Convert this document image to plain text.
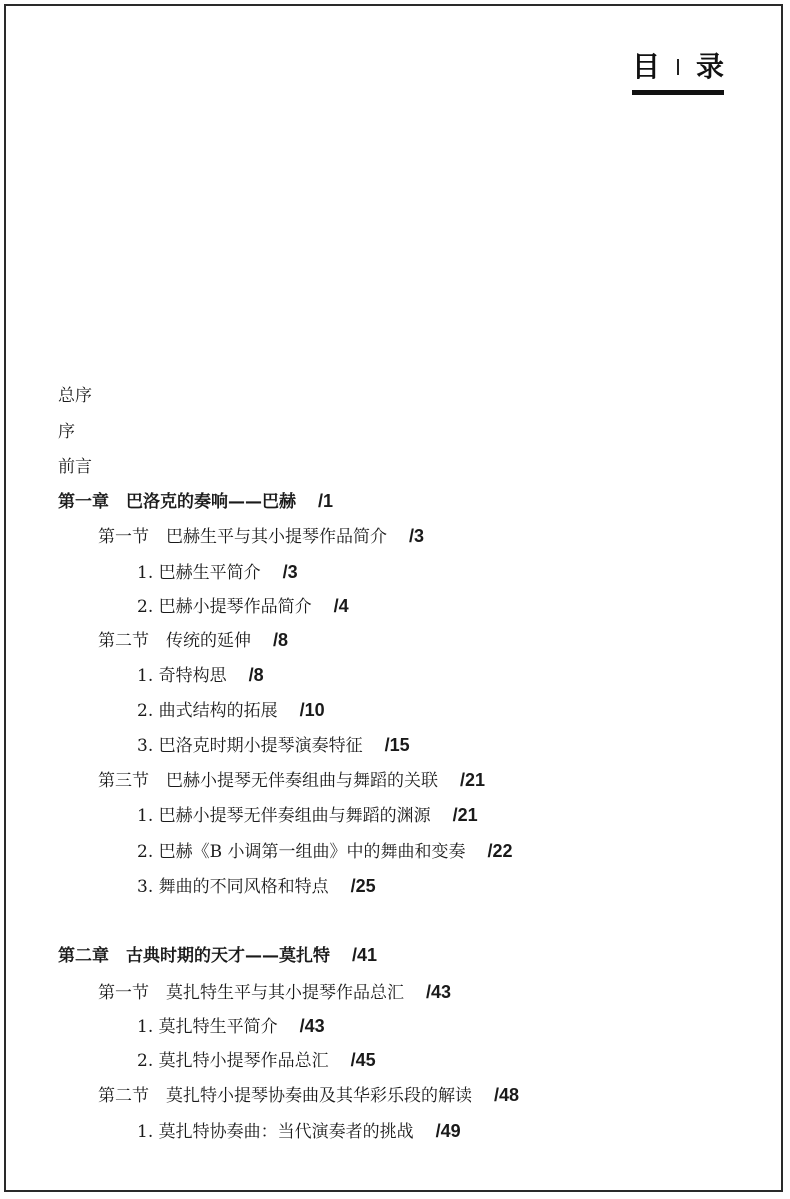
目 录
总序
序
前言
第一章　巴洛克的奏响——巴赫 /1
第一节　巴赫生平与其小提琴作品简介 /3
1. 巴赫生平简介 /3
2. 巴赫小提琴作品简介 /4
第二节　传统的延伸 /8
1. 奇特构思 /8
2. 曲式结构的拓展 /10
3. 巴洛克时期小提琴演奏特征 /15
第三节　巴赫小提琴无伴奏组曲与舞蹈的关联 /21
1. 巴赫小提琴无伴奏组曲与舞蹈的渊源 /21
2. 巴赫《B 小调第一组曲》中的舞曲和变奏 /22
3. 舞曲的不同风格和特点 /25
第二章　古典时期的天才——莫扎特 /41
第一节　莫扎特生平与其小提琴作品总汇 /43
1. 莫扎特生平简介 /43
2. 莫扎特小提琴作品总汇 /45
第二节　莫扎特小提琴协奏曲及其华彩乐段的解读 /48
1. 莫扎特协奏曲：当代演奏者的挑战 /49
